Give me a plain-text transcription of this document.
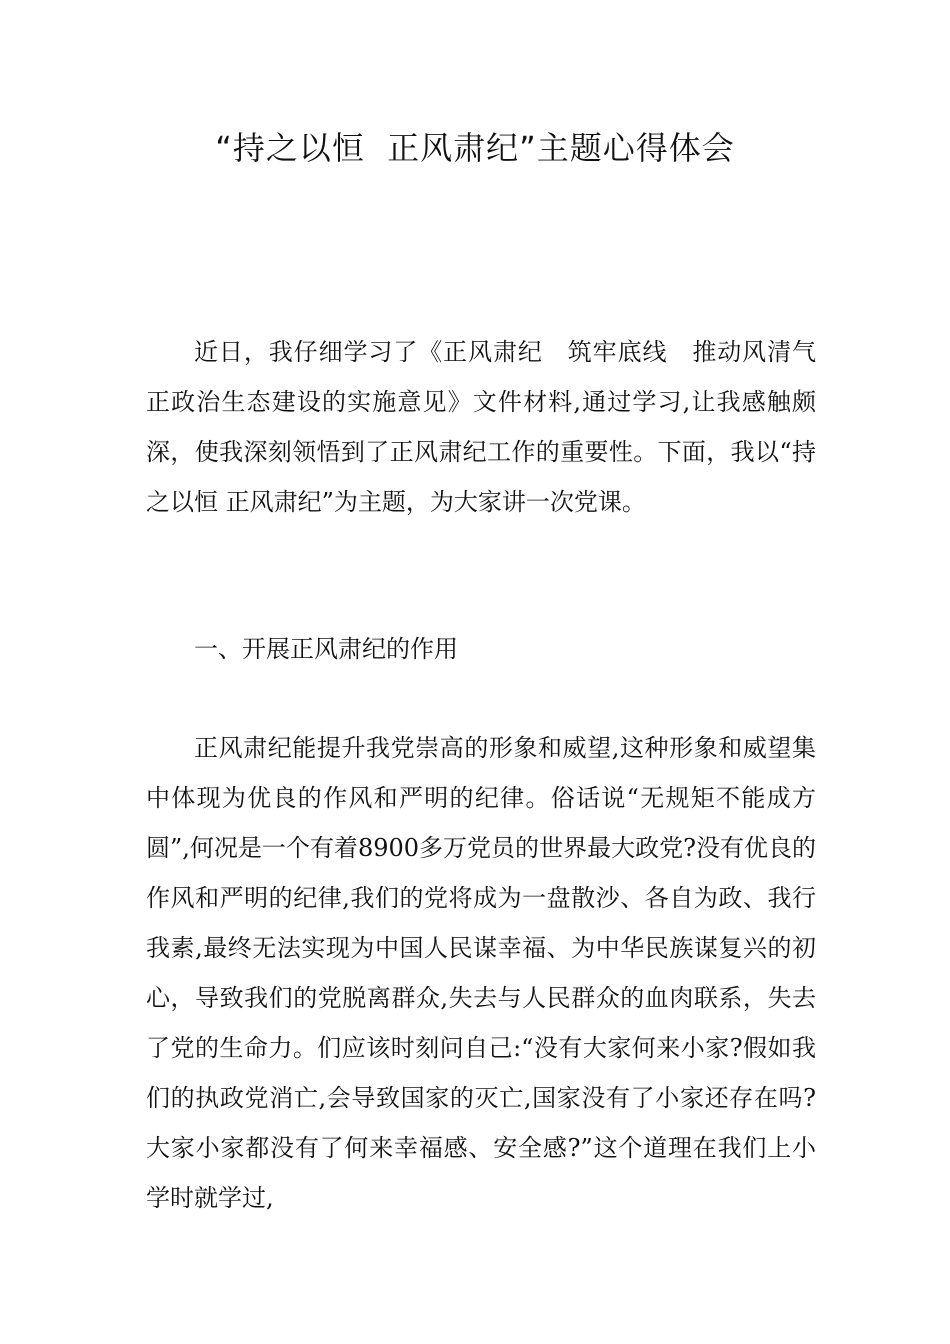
“持之以恒  正风肃纪”主题心得体会

近日，我仔细学习了《正风肃纪　筑牢底线　推动风清气正政治生态建设的实施意见》文件材料,通过学习,让我感触颇深，使我深刻领悟到了正风肃纪工作的重要性。下面，我以“持之以恒 正风肃纪”为主题，为大家讲一次党课。

一、开展正风肃纪的作用

正风肃纪能提升我党崇高的形象和威望,这种形象和威望集中体现为优良的作风和严明的纪律。俗话说“无规矩不能成方圆”,何况是一个有着8900多万党员的世界最大政党?没有优良的作风和严明的纪律,我们的党将成为一盘散沙、各自为政、我行我素,最终无法实现为中国人民谋幸福、为中华民族谋复兴的初心，导致我们的党脱离群众,失去与人民群众的血肉联系，失去了党的生命力。们应该时刻问自己:“没有大家何来小家?假如我们的执政党消亡,会导致国家的灭亡,国家没有了小家还存在吗?大家小家都没有了何来幸福感、安全感?”这个道理在我们上小学时就学过,
